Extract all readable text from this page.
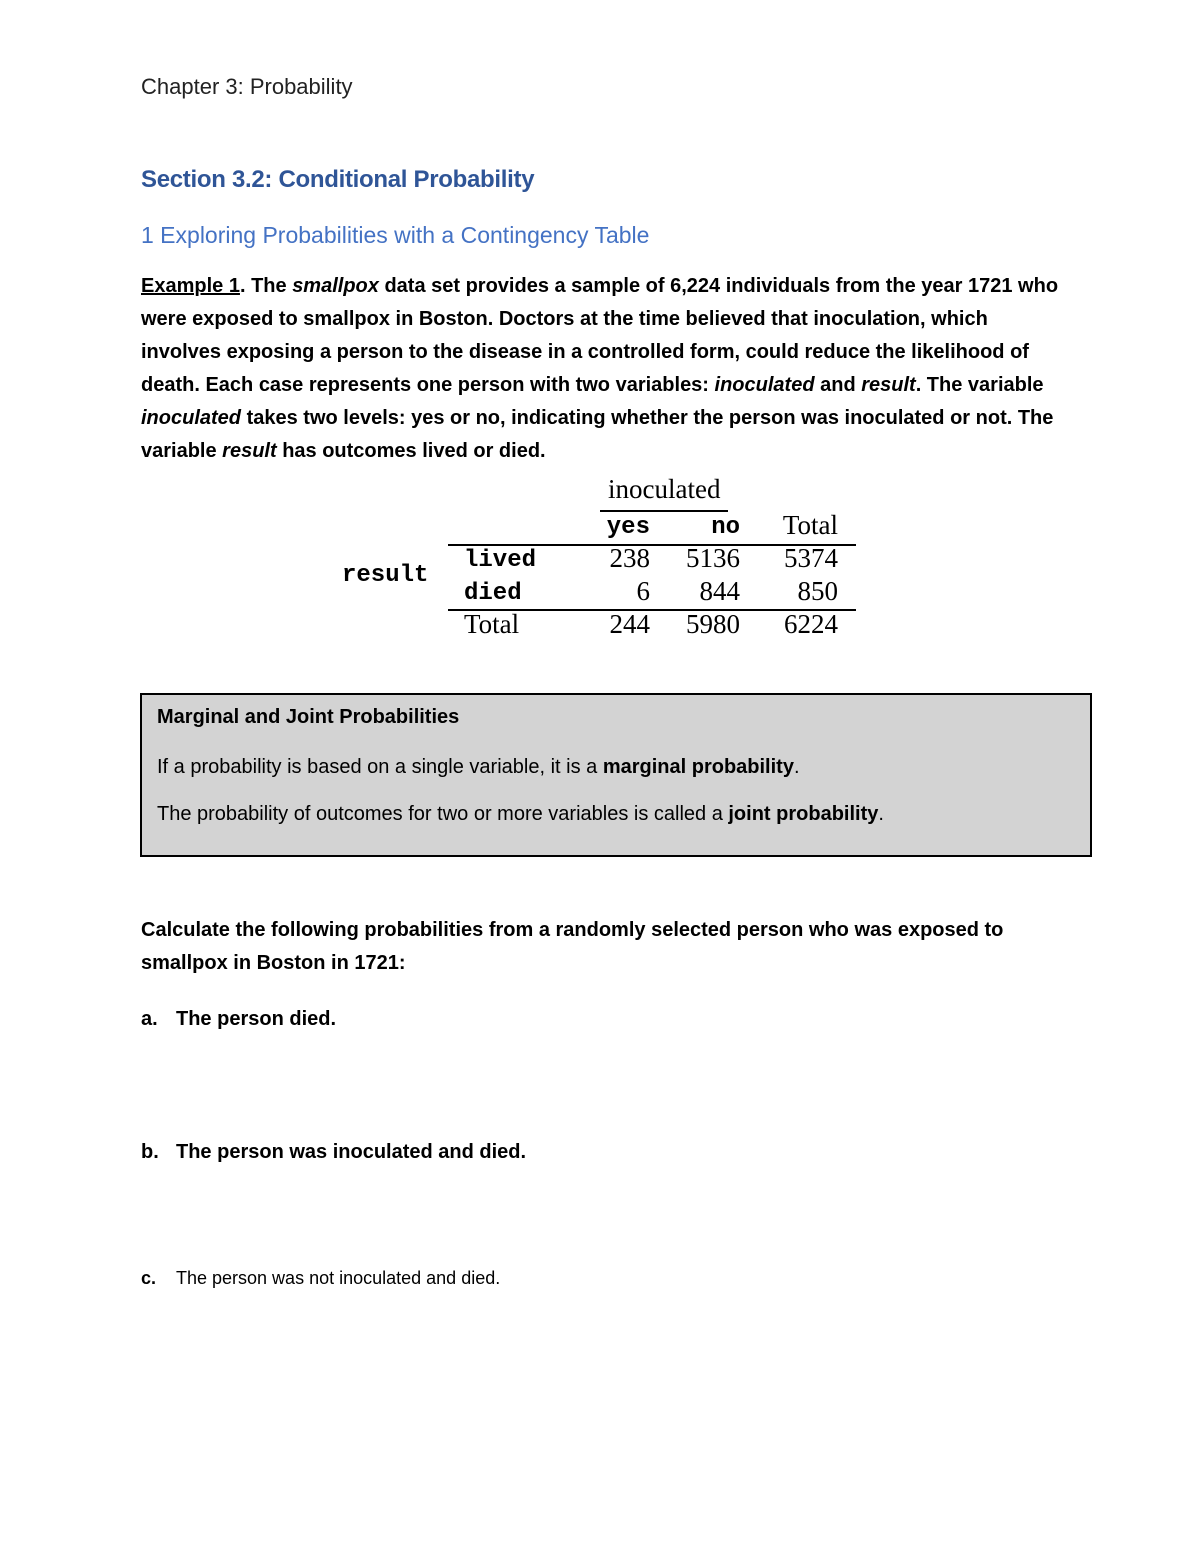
Chapter 3: Probability
Section 3.2: Conditional Probability
1 Exploring Probabilities with a Contingency Table
Example 1. The smallpox data set provides a sample of 6,224 individuals from the year 1721 who were exposed to smallpox in Boston. Doctors at the time believed that inoculation, which involves exposing a person to the disease in a controlled form, could reduce the likelihood of death. Each case represents one person with two variables: inoculated and result. The variable inoculated takes two levels: yes or no, indicating whether the person was inoculated or not. The variable result has outcomes lived or died.
inoculated
yes	no	Total
result
lived	238	5136	5374
died	6	844	850
Total	244	5980	6224
Marginal and Joint Probabilities
If a probability is based on a single variable, it is a marginal probability.
The probability of outcomes for two or more variables is called a joint probability.
Calculate the following probabilities from a randomly selected person who was exposed to smallpox in Boston in 1721:
a. The person died.
b. The person was inoculated and died.
c. The person was not inoculated and died.
